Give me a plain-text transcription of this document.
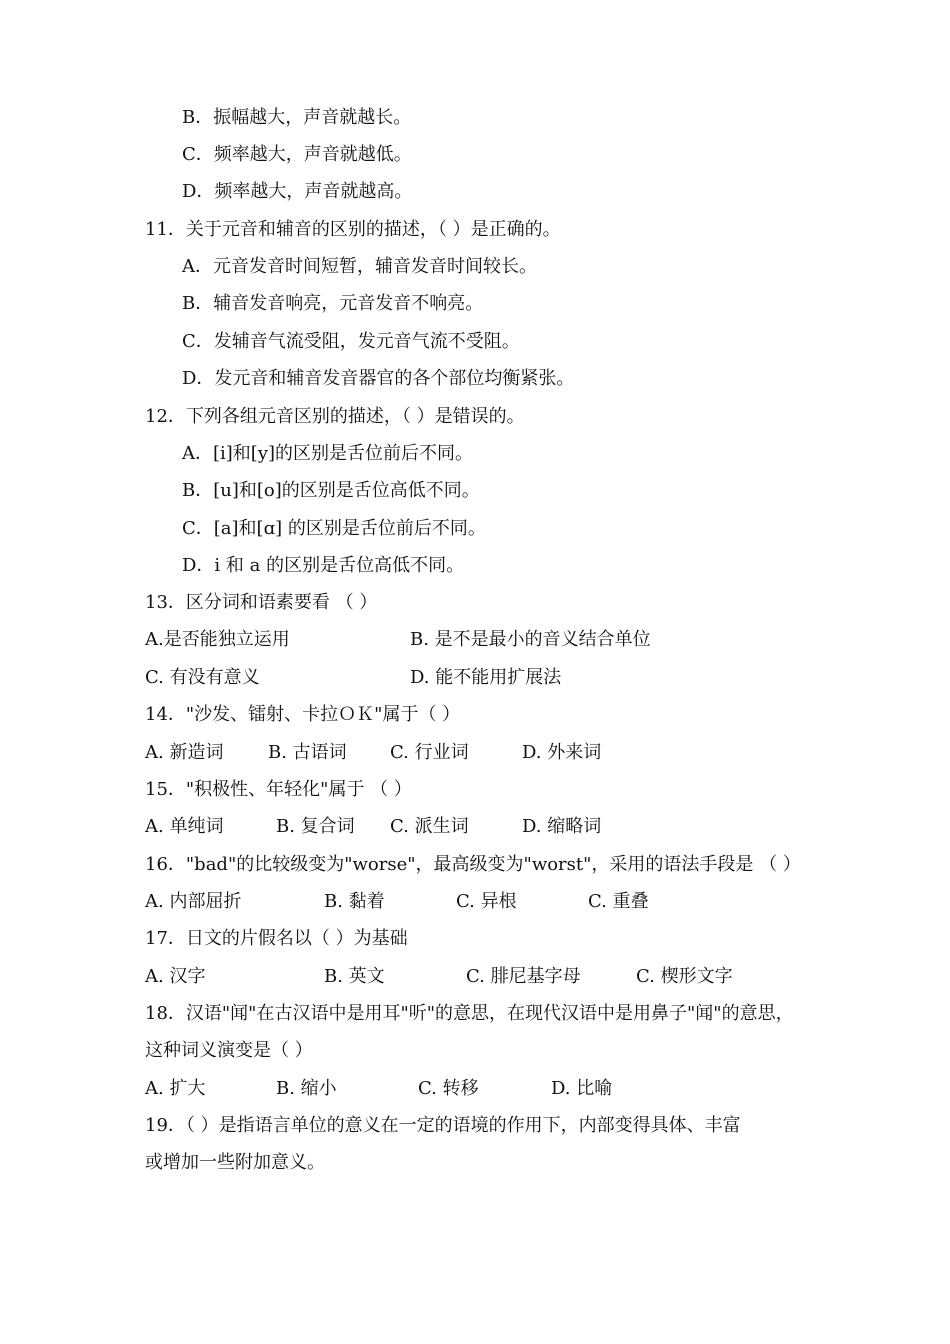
B．振幅越大，声音就越长。
C．频率越大，声音就越低。
D．频率越大，声音就越高。
11．关于元音和辅音的区别的描述，（ ）是正确的。
A．元音发音时间短暂，辅音发音时间较长。
B．辅音发音响亮，元音发音不响亮。
C．发辅音气流受阻，发元音气流不受阻。
D．发元音和辅音发音器官的各个部位均衡紧张。
12．下列各组元音区别的描述，（ ）是错误的。
A．[i]和[y]的区别是舌位前后不同。
B．[u]和[o]的区别是舌位高低不同。
C．[a]和[ɑ] 的区别是舌位前后不同。
D．i 和 a 的区别是舌位高低不同。
13．区分词和语素要看 （ ）
A.是否能独立运用	B. 是不是最小的音义结合单位
C. 有没有意义	D. 能不能用扩展法
14．"沙发、镭射、卡拉ＯＫ"属于（ ）
A. 新造词 B. 古语词 C. 行业词	D. 外来词
15．"积极性、年轻化"属于 （ ）
A. 单纯词	B. 复合词 C. 派生词	D. 缩略词
16．"bad"的比较级变为"worse"，最高级变为"worst"，采用的语法手段是 （ ）
A. 内部屈折	B. 黏着	C. 异根	C. 重叠
17．日文的片假名以（ ）为基础
A. 汉字	B. 英文	C. 腓尼基字母	C. 楔形文字
18．汉语"闻"在古汉语中是用耳"听"的意思，在现代汉语中是用鼻子"闻"的意思，
这种词义演变是（ ）
A. 扩大	B. 缩小	C. 转移	D. 比喻
19．（ ）是指语言单位的意义在一定的语境的作用下，内部变得具体、丰富
或增加一些附加意义。
